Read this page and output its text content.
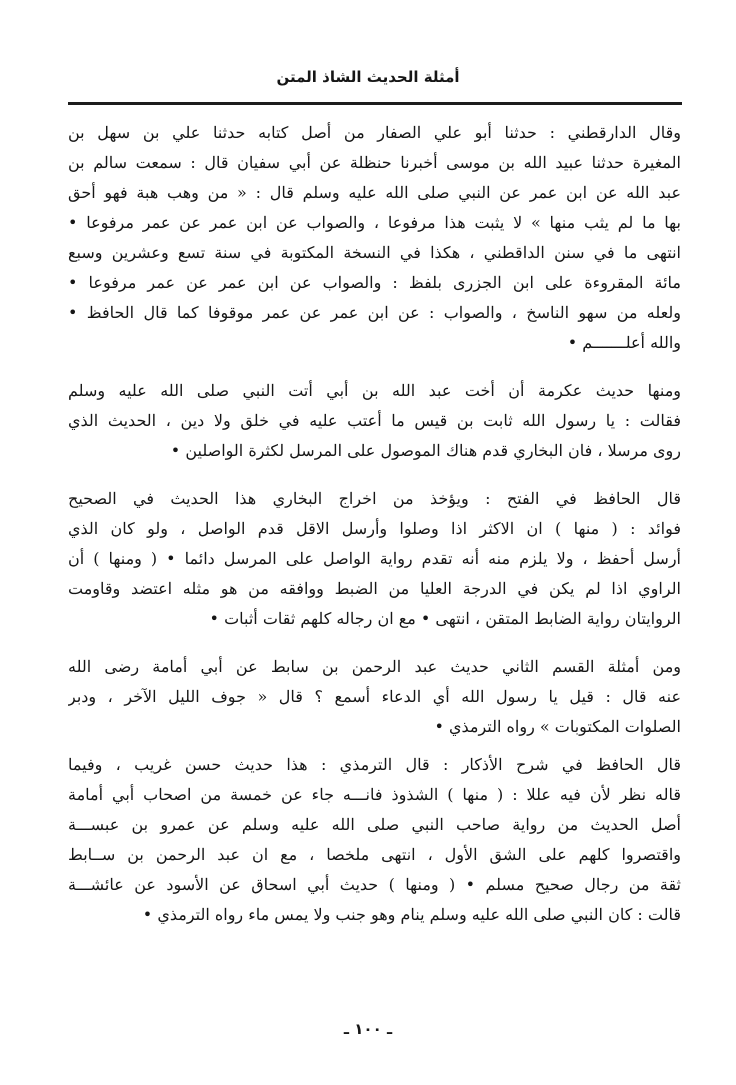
أمثلة الحديث الشاذ المتن

وقال الدارقطني : حدثنا أبو علي الصفار من أصل كتابه حدثنا علي بن سهل بن
المغيرة حدثنا عبيد الله بن موسى أخبرنا حنظلة عن أبي سفيان قال : سمعت سالم بن
عبد الله عن ابن عمر عن النبي صلى الله عليه وسلم قال : « من وهب هبة فهو أحق
بها ما لم يثب منها » لا يثبت هذا مرفوعا ، والصواب عن ابن عمر عن عمر مرفوعا •
انتهى ما في سنن الداقطني ، هكذا في النسخة المكتوبة في سنة تسع وعشرين وسبع
مائة المقروءة على ابن الجزرى بلفظ : والصواب عن ابن عمر عن عمر مرفوعا •
ولعله من سهو الناسخ ، والصواب : عن ابن عمر عن عمر موقوفا كما قال الحافظ •
والله أعلـــــــم •

ومنها حديث عكرمة أن أخت عبد الله بن أبي أتت النبي صلى الله عليه وسلم
فقالت : يا رسول الله ثابت بن قيس ما أعتب عليه في خلق ولا دين ، الحديث الذي
روى مرسلا ، فان البخاري قدم هناك الموصول على المرسل لكثرة الواصلين •

قال الحافظ في الفتح : ويؤخذ من اخراج البخاري هذا الحديث في الصحيح
فوائد : ( منها ) ان الاكثر اذا وصلوا وأرسل الاقل قدم الواصل ، ولو كان الذي
أرسل أحفظ ، ولا يلزم منه أنه تقدم رواية الواصل على المرسل دائما • ( ومنها ) أن
الراوي اذا لم يكن في الدرجة العليا من الضبط ووافقه من هو مثله اعتضد وقاومت
الروايتان رواية الضابط المتقن ، انتهى • مع ان رجاله كلهم ثقات أثبات •

ومن أمثلة القسم الثاني حديث عبد الرحمن بن سابط عن أبي أمامة رضى الله
عنه قال : قيل يا رسول الله أي الدعاء أسمع ؟ قال « جوف الليل الآخر ، ودبر
الصلوات المكتوبات » رواه الترمذي •

قال الحافظ في شرح الأذكار : قال الترمذي : هذا حديث حسن غريب ، وفيما
قاله نظر لأن فيه عللا : ( منها ) الشذوذ فانـــه جاء عن خمسة من اصحاب أبي أمامة
أصل الحديث من رواية صاحب النبي صلى الله عليه وسلم عن عمرو بن عبســـة
واقتصروا كلهم على الشق الأول ، انتهى ملخصا ، مع ان عبد الرحمن بن ســابط
ثقة من رجال صحيح مسلم • ( ومنها ) حديث أبي اسحاق عن الأسود عن عائشـــة
قالت : كان النبي صلى الله عليه وسلم ينام وهو جنب ولا يمس ماء رواه الترمذي •

ـ ١٠٠ ـ
